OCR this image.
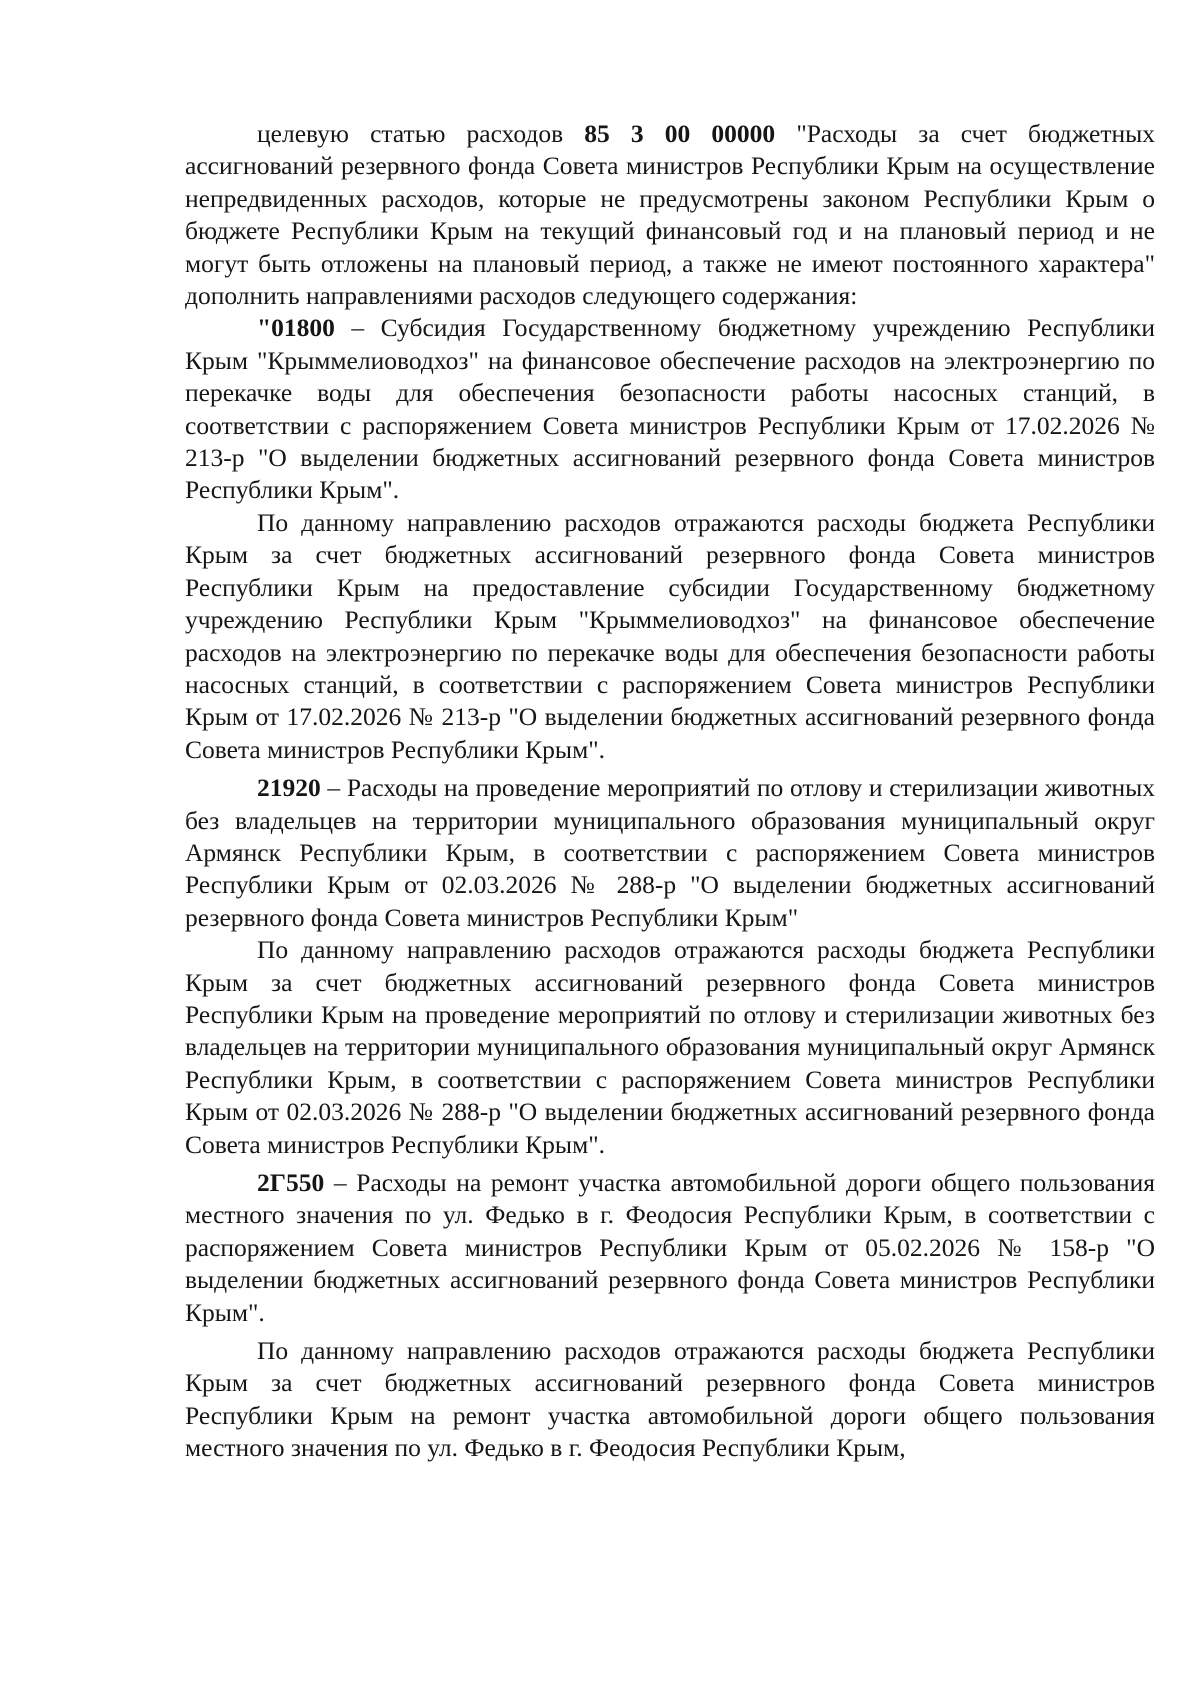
целевую статью расходов 85 3 00 00000 "Расходы за счет бюджетных ассигнований резервного фонда Совета министров Республики Крым на осуществление непредвиденных расходов, которые не предусмотрены законом Республики Крым о бюджете Республики Крым на текущий финансовый год и на плановый период и не могут быть отложены на плановый период, а также не имеют постоянного характера" дополнить направлениями расходов следующего содержания:

"01800 – Субсидия Государственному бюджетному учреждению Республики Крым "Крыммелиоводхоз" на финансовое обеспечение расходов на электроэнергию по перекачке воды для обеспечения безопасности работы насосных станций, в соответствии с распоряжением Совета министров Республики Крым от 17.02.2026 № 213-р "О выделении бюджетных ассигнований резервного фонда Совета министров Республики Крым".

По данному направлению расходов отражаются расходы бюджета Республики Крым за счет бюджетных ассигнований резервного фонда Совета министров Республики Крым на предоставление субсидии Государственному бюджетному учреждению Республики Крым "Крыммелиоводхоз" на финансовое обеспечение расходов на электроэнергию по перекачке воды для обеспечения безопасности работы насосных станций, в соответствии с распоряжением Совета министров Республики Крым от 17.02.2026 № 213-р "О выделении бюджетных ассигнований резервного фонда Совета министров Республики Крым".

21920 – Расходы на проведение мероприятий по отлову и стерилизации животных без владельцев на территории муниципального образования муниципальный округ Армянск Республики Крым, в соответствии с распоряжением Совета министров Республики Крым от 02.03.2026 № 288-р "О выделении бюджетных ассигнований резервного фонда Совета министров Республики Крым"

По данному направлению расходов отражаются расходы бюджета Республики Крым за счет бюджетных ассигнований резервного фонда Совета министров Республики Крым на проведение мероприятий по отлову и стерилизации животных без владельцев на территории муниципального образования муниципальный округ Армянск Республики Крым, в соответствии с распоряжением Совета министров Республики Крым от 02.03.2026 № 288-р "О выделении бюджетных ассигнований резервного фонда Совета министров Республики Крым".

2Г550 – Расходы на ремонт участка автомобильной дороги общего пользования местного значения по ул. Федько в г. Феодосия Республики Крым, в соответствии с распоряжением Совета министров Республики Крым от 05.02.2026 № 158-р "О выделении бюджетных ассигнований резервного фонда Совета министров Республики Крым".

По данному направлению расходов отражаются расходы бюджета Республики Крым за счет бюджетных ассигнований резервного фонда Совета министров Республики Крым на ремонт участка автомобильной дороги общего пользования местного значения по ул. Федько в г. Феодосия Республики Крым,
